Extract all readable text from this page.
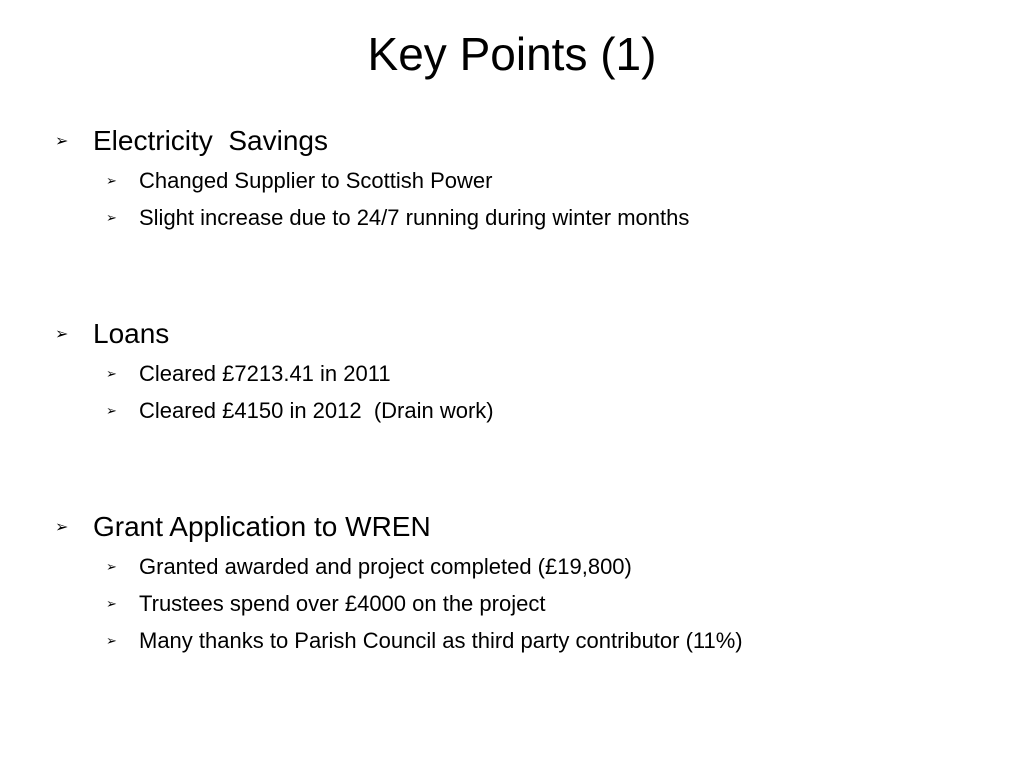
Key Points (1)
➢ Electricity  Savings
➢ Changed Supplier to Scottish Power
➢ Slight increase due to 24/7 running during winter months
➢ Loans
➢ Cleared £7213.41 in 2011
➢ Cleared £4150 in 2012  (Drain work)
➢ Grant Application to WREN
➢ Granted awarded and project completed (£19,800)
➢ Trustees spend over £4000 on the project
➢ Many thanks to Parish Council as third party contributor (11%)
